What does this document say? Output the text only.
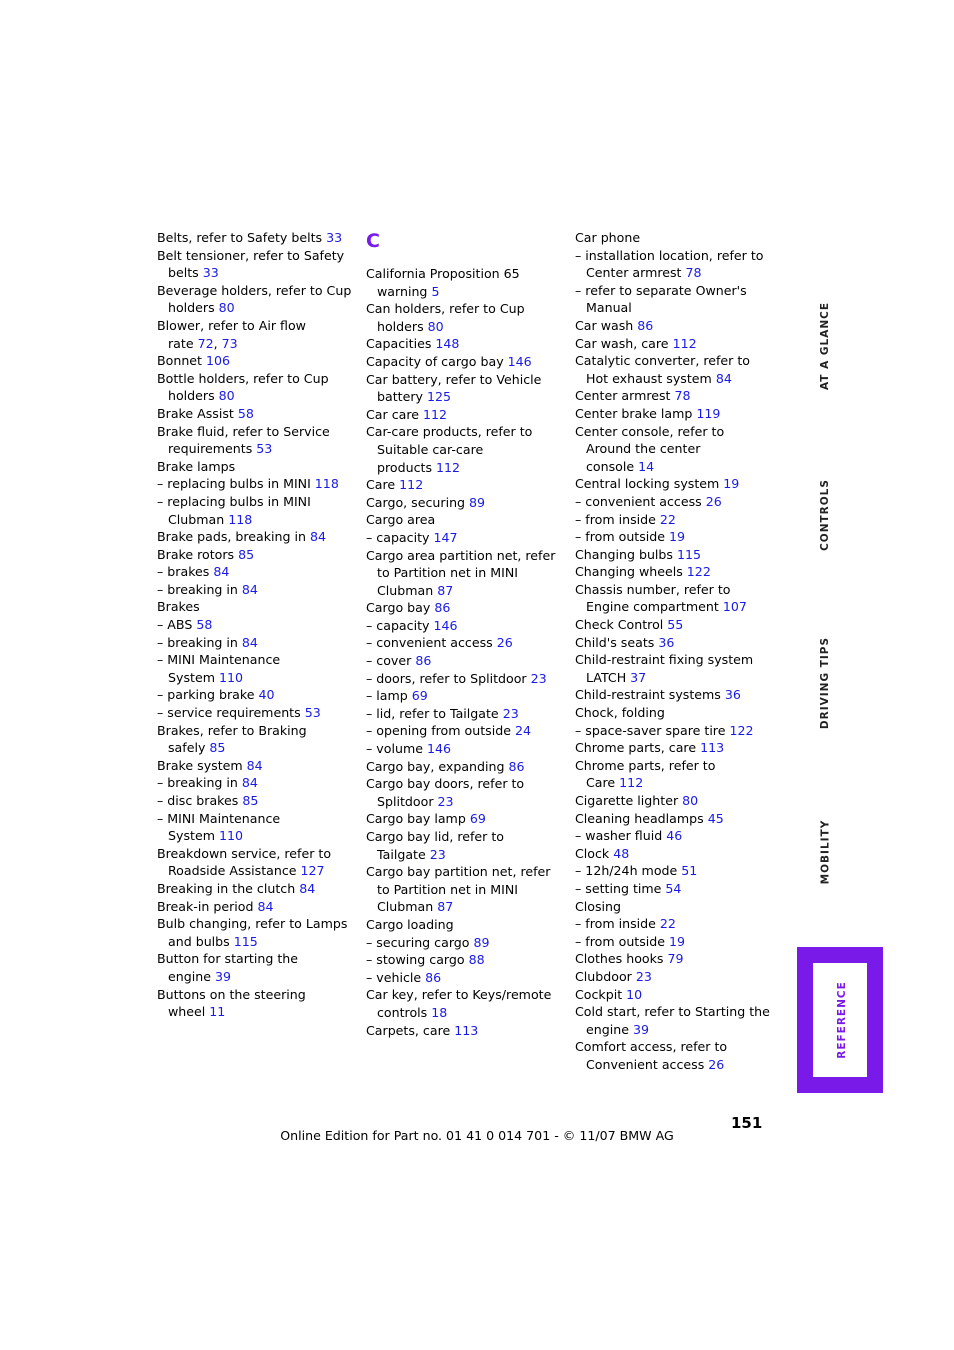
Belts, refer to Safety belts 33
Belt tensioner, refer to Safety
belts 33
Beverage holders, refer to Cup
holders 80
Blower, refer to Air flow
rate 72, 73
Bonnet 106
Bottle holders, refer to Cup
holders 80
Brake Assist 58
Brake fluid, refer to Service
requirements 53
Brake lamps
– replacing bulbs in MINI 118
– replacing bulbs in MINI
Clubman 118
Brake pads, breaking in 84
Brake rotors 85
– brakes 84
– breaking in 84
Brakes
– ABS 58
– breaking in 84
– MINI Maintenance
System 110
– parking brake 40
– service requirements 53
Brakes, refer to Braking
safely 85
Brake system 84
– breaking in 84
– disc brakes 85
– MINI Maintenance
System 110
Breakdown service, refer to
Roadside Assistance 127
Breaking in the clutch 84
Break-in period 84
Bulb changing, refer to Lamps
and bulbs 115
Button for starting the
engine 39
Buttons on the steering
wheel 11
C
California Proposition 65
warning 5
Can holders, refer to Cup
holders 80
Capacities 148
Capacity of cargo bay 146
Car battery, refer to Vehicle
battery 125
Car care 112
Car-care products, refer to
Suitable car-care
products 112
Care 112
Cargo, securing 89
Cargo area
– capacity 147
Cargo area partition net, refer
to Partition net in MINI
Clubman 87
Cargo bay 86
– capacity 146
– convenient access 26
– cover 86
– doors, refer to Splitdoor 23
– lamp 69
– lid, refer to Tailgate 23
– opening from outside 24
– volume 146
Cargo bay, expanding 86
Cargo bay doors, refer to
Splitdoor 23
Cargo bay lamp 69
Cargo bay lid, refer to
Tailgate 23
Cargo bay partition net, refer
to Partition net in MINI
Clubman 87
Cargo loading
– securing cargo 89
– stowing cargo 88
– vehicle 86
Car key, refer to Keys/remote
controls 18
Carpets, care 113
Car phone
– installation location, refer to
Center armrest 78
– refer to separate Owner's
Manual
Car wash 86
Car wash, care 112
Catalytic converter, refer to
Hot exhaust system 84
Center armrest 78
Center brake lamp 119
Center console, refer to
Around the center
console 14
Central locking system 19
– convenient access 26
– from inside 22
– from outside 19
Changing bulbs 115
Changing wheels 122
Chassis number, refer to
Engine compartment 107
Check Control 55
Child's seats 36
Child-restraint fixing system
LATCH 37
Child-restraint systems 36
Chock, folding
– space-saver spare tire 122
Chrome parts, care 113
Chrome parts, refer to
Care 112
Cigarette lighter 80
Cleaning headlamps 45
– washer fluid 46
Clock 48
– 12h/24h mode 51
– setting time 54
Closing
– from inside 22
– from outside 19
Clothes hooks 79
Clubdoor 23
Cockpit 10
Cold start, refer to Starting the
engine 39
Comfort access, refer to
Convenient access 26
AT A GLANCE
CONTROLS
DRIVING TIPS
MOBILITY
REFERENCE
151
Online Edition for Part no. 01 41 0 014 701 - © 11/07 BMW AG
